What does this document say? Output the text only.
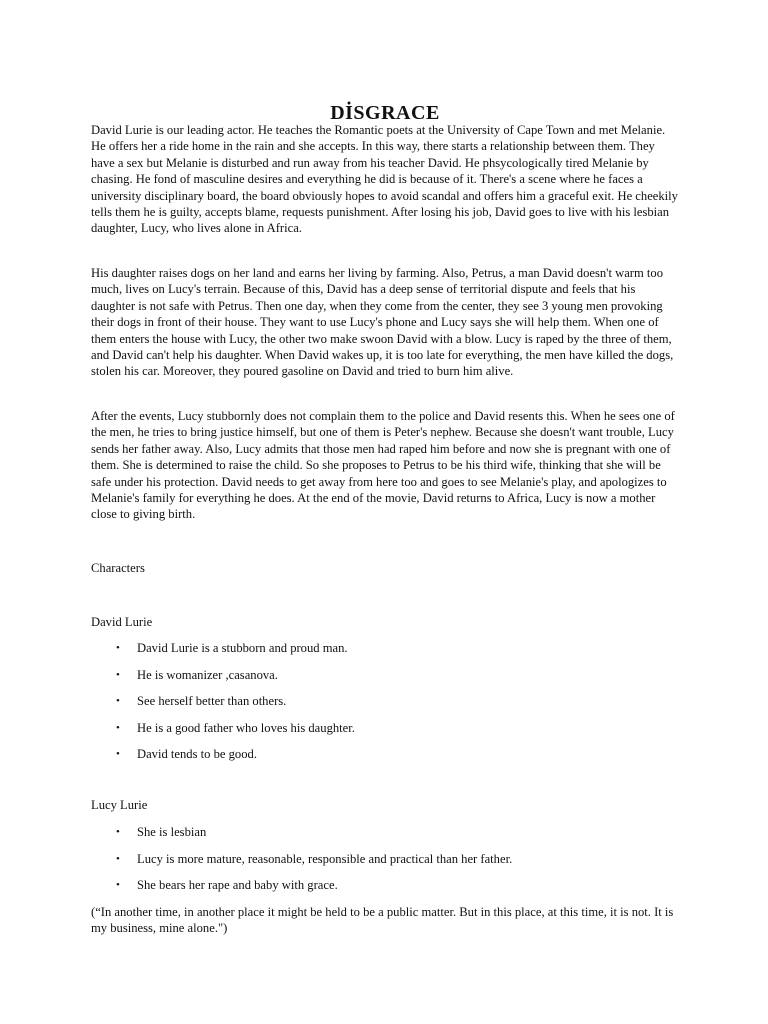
DİSGRACE

David Lurie is our leading actor. He teaches the Romantic poets at the University of Cape Town and met Melanie. He offers her a ride home in the rain and she accepts. In this way, there starts a relationship between them. They have a sex but Melanie is disturbed and run away from his teacher David. He phsycologically tired Melanie by chasing. He fond of masculine desires and everything he did is because of it. There's a scene where he faces a university disciplinary board, the board obviously hopes to avoid scandal and offers him a graceful exit. He cheekily tells them he is guilty, accepts blame, requests punishment. After losing his job, David goes to live with his lesbian daughter, Lucy, who lives alone in Africa.

His daughter raises dogs on her land and earns her living by farming. Also, Petrus, a man David doesn't warm too much, lives on Lucy's terrain. Because of this, David has a deep sense of territorial dispute and feels that his daughter is not safe with Petrus. Then one day, when they come from the center, they see 3 young men provoking their dogs in front of their house. They want to use Lucy's phone and Lucy says she will help them. When one of them enters the house with Lucy, the other two make swoon David with a blow. Lucy is raped by the three of them, and David can't help his daughter. When David wakes up, it is too late for everything, the men have killed the dogs, stolen his car. Moreover, they poured gasoline on David and tried to burn him alive.

After the events, Lucy stubbornly does not complain them to the police and David resents this. When he sees one of the men, he tries to bring justice himself, but one of them is Peter's nephew. Because she doesn't want trouble, Lucy sends her father away. Also, Lucy admits that those men had raped him before and now she is pregnant with one of them. She is determined to raise the child. So she proposes to Petrus to be his third wife, thinking that she will be safe under his protection. David needs to get away from here too and goes to see Melanie's play, and apologizes to Melanie's family for everything he does. At the end of the movie, David returns to Africa, Lucy is now a mother close to giving birth.

Characters

David Lurie

• David Lurie is a stubborn and proud man.
• He is womanizer ,casanova.
• See herself better than others.
• He is a good father who loves his daughter.
• David tends to be good.

Lucy Lurie

• She is lesbian
• Lucy is more mature, reasonable, responsible and practical than her father.
• She bears her rape and baby with grace.

(“In another time, in another place it might be held to be a public matter. But in this place, at this time, it is not. It is my business, mine alone.")
